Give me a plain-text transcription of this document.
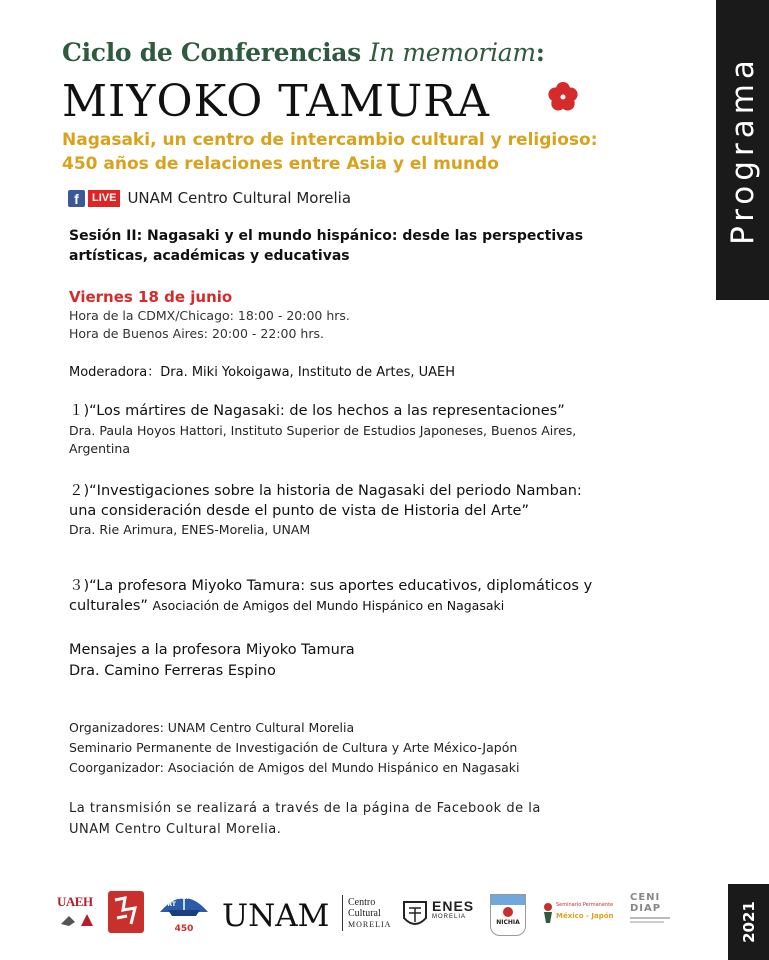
Ciclo de Conferencias In memoriam:
MIYOKO TAMURA
Nagasaki, un centro de intercambio cultural y religioso:
450 años de relaciones entre Asia y el mundo
f	LIVE UNAM Centro Cultural Morelia
Sesión II: Nagasaki y el mundo hispánico: desde las perspectivas
artísticas, académicas y educativas
Viernes 18 de junio
Hora de la CDMX/Chicago: 18:00 - 20:00 hrs.
Hora de Buenos Aires: 20:00 - 22:00 hrs.
Moderadora：Dra. Miki Yokoigawa, Instituto de Artes, UAEH
１)“Los mártires de Nagasaki: de los hechos a las representaciones”
Dra. Paula Hoyos Hattori, Instituto Superior de Estudios Japoneses, Buenos Aires,
Argentina
２)“Investigaciones sobre la historia de Nagasaki del periodo Namban:
una consideración desde el punto de vista de Historia del Arte”
Dra. Rie Arimura, ENES-Morelia, UNAM
３)“La profesora Miyoko Tamura: sus aportes educativos, diplomáticos y
culturales” Asociación de Amigos del Mundo Hispánico en Nagasaki
Mensajes a la profesora Miyoko Tamura
Dra. Camino Ferreras Espino
Organizadores: UNAM Centro Cultural Morelia
Seminario Permanente de Investigación de Cultura y Arte México-Japón
Coorganizador: Asociación de Amigos del Mundo Hispánico en Nagasaki
La transmisión se realizará a través de la página de Facebook de la
UNAM Centro Cultural Morelia.
Programa
2021
UAEH	NAGASAKI PORT
450 UNAM Centro
Cultural
MORELIA
ENES
MORELIA
NICHIA
Seminario Permanente
México - Japón
CENI
DIAP
